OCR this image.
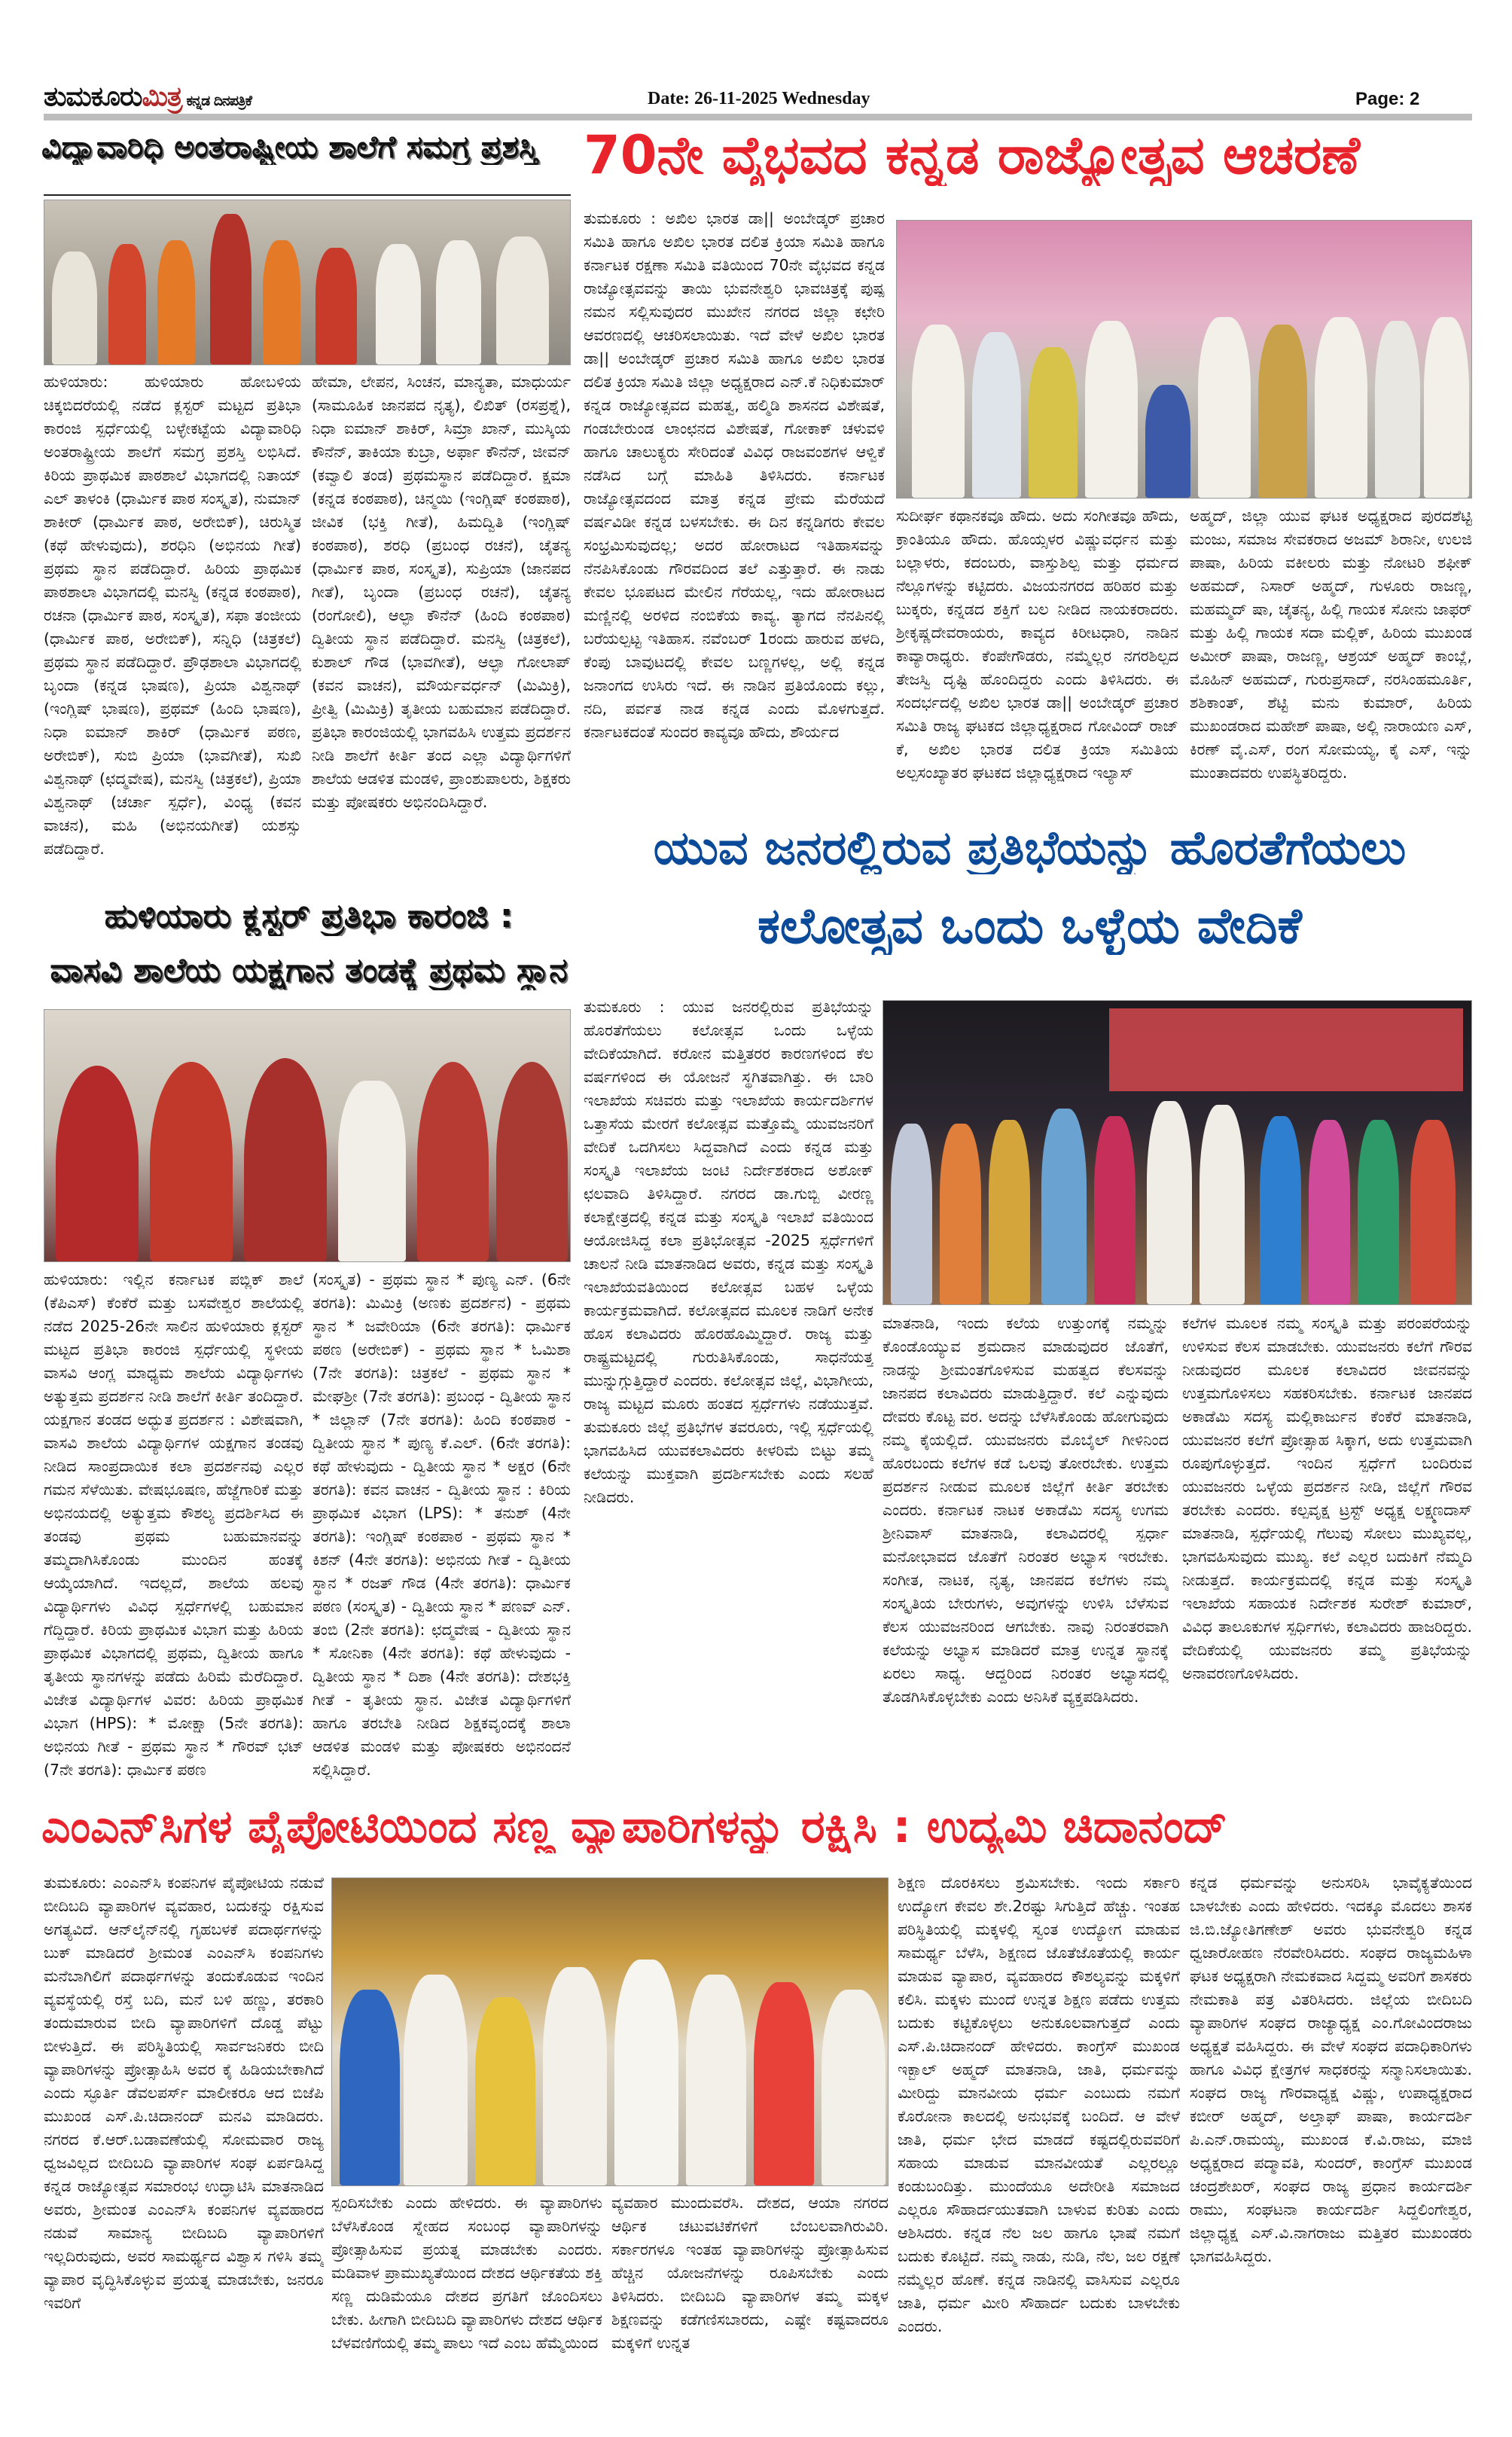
ತುಮಕೂರುಮಿತ್ರ ಕನ್ನಡ ದಿನಪತ್ರಿಕೆ	Date: 26-11-2025 Wednesday	Page: 2
ವಿದ್ಯಾವಾರಿಧಿ ಅಂತರಾಷ್ಟ್ರೀಯ ಶಾಲೆಗೆ ಸಮಗ್ರ ಪ್ರಶಸ್ತಿ
ಹುಳಿಯಾರು: ಹುಳಿಯಾರು ಹೋಬಳಿಯ ಚಿಕ್ಕಬಿದರೆಯಲ್ಲಿ ನಡೆದ ಕ್ಲಸ್ಟರ್ ಮಟ್ಟದ ಪ್ರತಿಭಾ ಕಾರಂಜಿ ಸ್ಪರ್ಧೆಯಲ್ಲಿ ಬಳ್ಳೇಕಟ್ಟೆಯ ವಿದ್ಯಾವಾರಿಧಿ ಅಂತರಾಷ್ಟ್ರೀಯ ಶಾಲೆಗೆ ಸಮಗ್ರ ಪ್ರಶಸ್ತಿ ಲಭಿಸಿದೆ. ಕಿರಿಯ ಪ್ರಾಥಮಿಕ ಪಾಠಶಾಲೆ ವಿಭಾಗದಲ್ಲಿ ನಿತಾಯ್ ಎಲ್ ತಾಳಂಕಿ (ಧಾರ್ಮಿಕ ಪಾಠ ಸಂಸ್ಕೃತ), ನುಮಾನ್ ಶಾಕೀರ್ (ಧಾರ್ಮಿಕ ಪಾಠ, ಅರೇಬಿಕ್), ಚಿರುಸ್ಮಿತ (ಕಥೆ ಹೇಳುವುದು), ಶರಧಿನಿ (ಅಭಿನಯ ಗೀತೆ) ಪ್ರಥಮ ಸ್ಥಾನ ಪಡೆದಿದ್ದಾರೆ. ಹಿರಿಯ ಪ್ರಾಥಮಿಕ ಪಾಠಶಾಲಾ ವಿಭಾಗದಲ್ಲಿ ಮನಸ್ವಿ (ಕನ್ನಡ ಕಂಠಪಾಠ), ರಚನಾ (ಧಾರ್ಮಿಕ ಪಾಠ, ಸಂಸ್ಕೃತ), ಸಫಾ ತಂಜೀಯ (ಧಾರ್ಮಿಕ ಪಾಠ, ಅರೇಬಿಕ್), ಸನ್ನಿಧಿ (ಚಿತ್ರಕಲೆ) ಪ್ರಥಮ ಸ್ಥಾನ ಪಡೆದಿದ್ದಾರೆ. ಪ್ರೌಢಶಾಲಾ ವಿಭಾಗದಲ್ಲಿ ಬೃಂದಾ (ಕನ್ನಡ ಭಾಷಣ), ಪ್ರಿಯಾ ವಿಶ್ವನಾಥ್ (ಇಂಗ್ಲಿಷ್ ಭಾಷಣ), ಪ್ರಥಮ್ (ಹಿಂದಿ ಭಾಷಣ), ನಿಧಾ ಐಮಾನ್ ಶಾಕಿರ್ (ಧಾರ್ಮಿಕ ಪಠಣ, ಅರೇಬಿಕ್), ಸುಬಿ ಪ್ರಿಯಾ (ಭಾವಗೀತೆ), ಸುಖಿ ವಿಶ್ವನಾಥ್ (ಛದ್ಮವೇಷ), ಮನಸ್ವಿ (ಚಿತ್ರಕಲೆ), ಪ್ರಿಯಾ ವಿಶ್ವನಾಥ್ (ಚರ್ಚಾ ಸ್ಪರ್ಧೆ), ವಿಂಧ್ಯ (ಕವನ ವಾಚನ), ಮಹಿ (ಅಭಿನಯಗೀತೆ) ಯಶಸ್ಸು ಪಡೆದಿದ್ದಾರೆ.
ಹೇಮಾ, ಲೇಪನ, ಸಿಂಚನ, ಮಾನ್ಯತಾ, ಮಾಧುರ್ಯ (ಸಾಮೂಹಿಕ ಜಾನಪದ ನೃತ್ಯ), ಲಿಖಿತ್ (ರಸಪ್ರಶ್ನೆ), ನಿಧಾ ಐಮಾನ್ ಶಾಕಿರ್, ಸಿಮ್ರಾ ಖಾನ್, ಮುಸ್ಕಿಯ ಕೌನೆನ್, ತಾಕಿಯಾ ಕುಬ್ರಾ, ಅರ್ಫಾ ಕೌನೆನ್, ಜೀವನ್ (ಕವ್ವಾಲಿ ತಂಡ) ಪ್ರಥಮಸ್ಥಾನ ಪಡೆದಿದ್ದಾರೆ. ಕ್ಷಮಾ (ಕನ್ನಡ ಕಂಠಪಾಠ), ಚಿನ್ಮಯಿ (ಇಂಗ್ಲಿಷ್ ಕಂಠಪಾಠ), ಜೀವಿಕ (ಭಕ್ತಿ ಗೀತೆ), ಹಿಮದ್ವಿತಿ (ಇಂಗ್ಲಿಷ್ ಕಂಠಪಾಠ), ಶರಧಿ (ಪ್ರಬಂಧ ರಚನೆ), ಚೈತನ್ಯ (ಧಾರ್ಮಿಕ ಪಾಠ, ಸಂಸ್ಕೃತ), ಸುಪ್ರಿಯಾ (ಜಾನಪದ ಗೀತೆ), ಬೃಂದಾ (ಪ್ರಬಂಧ ರಚನೆ), ಚೈತನ್ಯ (ರಂಗೋಲಿ), ಆಲ್ಫಾ ಕೌನೆನ್ (ಹಿಂದಿ ಕಂಠಪಾಠ) ದ್ವಿತೀಯ ಸ್ಥಾನ ಪಡೆದಿದ್ದಾರೆ. ಮನಸ್ವಿ (ಚಿತ್ರಕಲೆ), ಕುಶಾಲ್ ಗೌಡ (ಭಾವಗೀತೆ), ಆಲ್ಫಾ ಗೋಲಾಪ್ (ಕವನ ವಾಚನ), ಮೌರ್ಯವರ್ಧನ್ (ಮಿಮಿಕ್ರಿ), ಪ್ರೀತ್ವಿ (ಮಿಮಿಕ್ರಿ) ತೃತೀಯ ಬಹುಮಾನ ಪಡೆದಿದ್ದಾರೆ. ಪ್ರತಿಭಾ ಕಾರಂಜಿಯಲ್ಲಿ ಭಾಗವಹಿಸಿ ಉತ್ತಮ ಪ್ರದರ್ಶನ ನೀಡಿ ಶಾಲೆಗೆ ಕೀರ್ತಿ ತಂದ ಎಲ್ಲಾ ವಿದ್ಯಾರ್ಥಿಗಳಿಗೆ ಶಾಲೆಯ ಆಡಳಿತ ಮಂಡಳಿ, ಪ್ರಾಂಶುಪಾಲರು, ಶಿಕ್ಷಕರು ಮತ್ತು ಪೋಷಕರು ಅಭಿನಂದಿಸಿದ್ದಾರೆ.
70ನೇ ವೈಭವದ ಕನ್ನಡ ರಾಜ್ಯೋತ್ಸವ ಆಚರಣೆ
ತುಮಕೂರು : ಅಖಿಲ ಭಾರತ ಡಾ|| ಅಂಬೇಡ್ಕರ್ ಪ್ರಚಾರ ಸಮಿತಿ ಹಾಗೂ ಅಖಿಲ ಭಾರತ ದಲಿತ ಕ್ರಿಯಾ ಸಮಿತಿ ಹಾಗೂ ಕರ್ನಾಟಕ ರಕ್ಷಣಾ ಸಮಿತಿ ವತಿಯಿಂದ 70ನೇ ವೈಭವದ ಕನ್ನಡ ರಾಜ್ಯೋತ್ಸವವನ್ನು ತಾಯಿ ಭುವನೇಶ್ವರಿ ಭಾವಚಿತ್ರಕ್ಕೆ ಪುಷ್ಪ ನಮನ ಸಲ್ಲಿಸುವುದರ ಮುಖೇನ ನಗರದ ಜಿಲ್ಲಾ ಕಛೇರಿ ಆವರಣದಲ್ಲಿ ಆಚರಿಸಲಾಯಿತು. ಇದೆ ವೇಳೆ ಅಖಿಲ ಭಾರತ ಡಾ|| ಅಂಬೇಡ್ಕರ್ ಪ್ರಚಾರ ಸಮಿತಿ ಹಾಗೂ ಅಖಿಲ ಭಾರತ ದಲಿತ ಕ್ರಿಯಾ ಸಮಿತಿ ಜಿಲ್ಲಾ ಅಧ್ಯಕ್ಷರಾದ ಎನ್.ಕೆ ನಿಧಿಕುಮಾರ್ ಕನ್ನಡ ರಾಜ್ಯೋತ್ಸವದ ಮಹತ್ವ, ಹಲ್ಮಿಡಿ ಶಾಸನದ ವಿಶೇಷತೆ, ಗಂಡಬೇರುಂಡ ಲಾಂಛನದ ವಿಶೇಷತೆ, ಗೋಕಾಕ್ ಚಳುವಳಿ ಹಾಗೂ ಚಾಲುಕ್ಯರು ಸೇರಿದಂತೆ ವಿವಿಧ ರಾಜವಂಶಗಳ ಆಳ್ವಿಕೆ ನಡೆಸಿದ ಬಗ್ಗೆ ಮಾಹಿತಿ ತಿಳಿಸಿದರು. ಕರ್ನಾಟಕ ರಾಜ್ಯೋತ್ಸವದಂದ ಮಾತ್ರ ಕನ್ನಡ ಪ್ರೇಮ ಮೆರೆಯದೆ ವರ್ಷವಿಡೀ ಕನ್ನಡ ಬಳಸಬೇಕು. ಈ ದಿನ ಕನ್ನಡಿಗರು ಕೇವಲ ಸಂಭ್ರಮಿಸುವುದಲ್ಲ; ಅದರ ಹೋರಾಟದ ಇತಿಹಾಸವನ್ನು ನೆನಪಿಸಿಕೊಂಡು ಗೌರವದಿಂದ ತಲೆ ಎತ್ತುತ್ತಾರೆ. ಈ ನಾಡು ಕೇವಲ ಭೂಪಟದ ಮೇಲಿನ ಗೆರೆಯಲ್ಲ, ಇದು ಹೋರಾಟದ ಮಣ್ಣಿನಲ್ಲಿ ಅರಳಿದ ನಂಬಿಕೆಯ ಕಾವ್ಯ. ತ್ಯಾಗದ ನೆನಪಿನಲ್ಲಿ ಬರೆಯಲ್ಪಟ್ಟ ಇತಿಹಾಸ. ನವೆಂಬರ್ 1ರಂದು ಹಾರುವ ಹಳದಿ, ಕೆಂಪು ಬಾವುಟದಲ್ಲಿ ಕೇವಲ ಬಣ್ಣಗಳಲ್ಲ, ಅಲ್ಲಿ ಕನ್ನಡ ಜನಾಂಗದ ಉಸಿರು ಇದೆ. ಈ ನಾಡಿನ ಪ್ರತಿಯೊಂದು ಕಲ್ಲು, ನದಿ, ಪರ್ವತ ನಾಡ ಕನ್ನಡ ಎಂದು ಮೊಳಗುತ್ತದೆ. ಕರ್ನಾಟಕದಂತೆ ಸುಂದರ ಕಾವ್ಯವೂ ಹೌದು, ಶೌರ್ಯದ
ಸುದೀರ್ಘ ಕಥಾನಕವೂ ಹೌದು. ಅದು ಸಂಗೀತವೂ ಹೌದು, ಕ್ರಾಂತಿಯೂ ಹೌದು. ಹೊಯ್ಸಳರ ವಿಷ್ಣುವರ್ಧನ ಮತ್ತು ಬಲ್ಲಾಳರು, ಕದಂಬರು, ವಾಸ್ತುಶಿಲ್ಪ ಮತ್ತು ಧರ್ಮದ ನೆಲ್ಲೂಗಳನ್ನು ಕಟ್ಟಿದರು. ವಿಜಯನಗರದ ಹರಿಹರ ಮತ್ತು ಬುಕ್ಕರು, ಕನ್ನಡದ ಶಕ್ತಿಗೆ ಬಲ ನೀಡಿದ ನಾಯಕರಾದರು. ಶ್ರೀಕೃಷ್ಣದೇವರಾಯರು, ಕಾವ್ಯದ ಕಿರೀಟಧಾರಿ, ನಾಡಿನ ಕಾವ್ಯಾರಾಧ್ಯರು. ಕೆಂಪೇಗೌಡರು, ನಮ್ಮೆಲ್ಲರ ನಗರಶಿಲ್ಪದ ತೇಜಸ್ವಿ ದೃಷ್ಟಿ ಹೊಂದಿದ್ದರು ಎಂದು ತಿಳಿಸಿದರು. ಈ ಸಂದರ್ಭದಲ್ಲಿ ಅಖಿಲ ಭಾರತ ಡಾ|| ಅಂಬೇಡ್ಕರ್ ಪ್ರಚಾರ ಸಮಿತಿ ರಾಜ್ಯ ಘಟಕದ ಜಿಲ್ಲಾಧ್ಯಕ್ಷರಾದ ಗೋವಿಂದ್ ರಾಜ್ ಕೆ, ಅಖಿಲ ಭಾರತ ದಲಿತ ಕ್ರಿಯಾ ಸಮಿತಿಯ ಅಲ್ಪಸಂಖ್ಯಾತರ ಘಟಕದ ಜಿಲ್ಲಾಧ್ಯಕ್ಷರಾದ ಇಲ್ಯಾಸ್
ಅಹ್ಮದ್, ಜಿಲ್ಲಾ ಯುವ ಘಟಕ ಅಧ್ಯಕ್ಷರಾದ ಪುರದಶೆಟ್ಟಿ ಮಂಜು, ಸಮಾಜ ಸೇವಕರಾದ ಅಜಮ್ ಶಿರಾನೀ, ಉಲಜಿ ಪಾಷಾ, ಹಿರಿಯ ವಕೀಲರು ಮತ್ತು ನೋಟರಿ ಶಫೀಕ್ ಅಹಮದ್, ನಿಸಾರ್ ಅಹ್ಮದ್, ಗುಳೂರು ರಾಜಣ್ಣ, ಮಹಮ್ಮದ್ ಷಾ, ಚೈತನ್ಯ, ಹಿಲ್ಲಿ ಗಾಯಕ ಸೋನು ಜಾಫರ್ ಮತ್ತು ಹಿಲ್ಲಿ ಗಾಯಕ ಸದಾ ಮಲ್ಲಿಕ್, ಹಿರಿಯ ಮುಖಂಡ ಅಮೀರ್ ಪಾಷಾ, ರಾಜಣ್ಣ, ಆಶ್ರಯ್ ಅಹ್ಮದ್ ಕಾಂಬ್ಲೆ, ಮೊಹಿನ್ ಅಹಮದ್, ಗುರುಪ್ರಸಾದ್, ನರಸಿಂಹಮೂರ್ತಿ, ಶಶಿಕಾಂತ್, ಶೆಟ್ಟಿ ಮನು ಕುಮಾರ್, ಹಿರಿಯ ಮುಖಂಡರಾದ ಮಹೇಶ್ ಪಾಷಾ, ಅಲ್ಲಿ ನಾರಾಯಣ ಎಸ್, ಕಿರಣ್ ವೈ.ಎಸ್, ರಂಗ ಸೋಮಯ್ಯ, ಕೈ ಎಸ್, ಇನ್ನು ಮುಂತಾದವರು ಉಪಸ್ಥಿತರಿದ್ದರು.
ಯುವ ಜನರಲ್ಲಿರುವ ಪ್ರತಿಭೆಯನ್ನು ಹೊರತೆಗೆಯಲು
ಕಲೋತ್ಸವ ಒಂದು ಒಳ್ಳೆಯ ವೇದಿಕೆ
ತುಮಕೂರು : ಯುವ ಜನರಲ್ಲಿರುವ ಪ್ರತಿಭೆಯನ್ನು ಹೊರತೆಗೆಯಲು ಕಲೋತ್ಸವ ಒಂದು ಒಳ್ಳೆಯ ವೇದಿಕೆಯಾಗಿದೆ. ಕರೋನ ಮತ್ತಿತರರ ಕಾರಣಗಳಿಂದ ಕೆಲ ವರ್ಷಗಳಿಂದ ಈ ಯೋಜನೆ ಸ್ಥಗಿತವಾಗಿತ್ತು. ಈ ಬಾರಿ ಇಲಾಖೆಯ ಸಚಿವರು ಮತ್ತು ಇಲಾಖೆಯ ಕಾರ್ಯದರ್ಶಿಗಳ ಒತ್ತಾಸೆಯ ಮೇರಗೆ ಕಲೋತ್ಸವ ಮತ್ತೊಮ್ಮೆ ಯುವಜನರಿಗೆ ವೇದಿಕೆ ಒದಗಿಸಲು ಸಿದ್ದವಾಗಿದೆ ಎಂದು ಕನ್ನಡ ಮತ್ತು ಸಂಸ್ಕೃತಿ ಇಲಾಖೆಯ ಜಂಟಿ ನಿರ್ದೇಶಕರಾದ ಅಶೋಕ್ ಛಲವಾದಿ ತಿಳಿಸಿದ್ದಾರೆ. ನಗರದ ಡಾ.ಗುಬ್ಬಿ ವೀರಣ್ಣ ಕಲಾಕ್ಷೇತ್ರದಲ್ಲಿ ಕನ್ನಡ ಮತ್ತು ಸಂಸ್ಕೃತಿ ಇಲಾಖೆ ವತಿಯಿಂದ ಆಯೋಜಿಸಿದ್ದ ಕಲಾ ಪ್ರತಿಭೋತ್ಸವ -2025 ಸ್ಪರ್ಧೆಗಳಿಗೆ ಚಾಲನೆ ನೀಡಿ ಮಾತನಾಡಿದ ಅವರು, ಕನ್ನಡ ಮತ್ತು ಸಂಸ್ಕೃತಿ ಇಲಾಖೆಯವತಿಯಿಂದ ಕಲೋತ್ಸವ ಬಹಳ ಒಳ್ಳೆಯ ಕಾರ್ಯಕ್ರಮವಾಗಿದೆ. ಕಲೋತ್ಸವದ ಮೂಲಕ ನಾಡಿಗೆ ಅನೇಕ ಹೊಸ ಕಲಾವಿದರು ಹೊರಹೊಮ್ಮಿದ್ದಾರೆ. ರಾಜ್ಯ ಮತ್ತು ರಾಷ್ಟ್ರಮಟ್ಟದಲ್ಲಿ ಗುರುತಿಸಿಕೊಂಡು, ಸಾಧನೆಯತ್ತ ಮುನ್ನುಗ್ಗುತ್ತಿದ್ದಾರೆ ಎಂದರು. ಕಲೋತ್ಸವ ಜಿಲ್ಲೆ, ವಿಭಾಗೀಯ, ರಾಜ್ಯ ಮಟ್ಟದ ಮೂರು ಹಂತದ ಸ್ಪರ್ಧೆಗಳು ನಡೆಯುತ್ತವೆ. ತುಮಕೂರು ಜಿಲ್ಲೆ ಪ್ರತಿಭೆಗಳ ತವರೂರು, ಇಲ್ಲಿ ಸ್ಪರ್ಧೆಯಲ್ಲಿ ಭಾಗವಹಿಸಿದ ಯುವಕಲಾವಿದರು ಕೀಳರಿಮೆ ಬಿಟ್ಟು ತಮ್ಮ ಕಲೆಯನ್ನು ಮುಕ್ತವಾಗಿ ಪ್ರದರ್ಶಿಸಬೇಕು ಎಂದು ಸಲಹೆ ನೀಡಿದರು.
ಮಾತನಾಡಿ, ಇಂದು ಕಲೆಯ ಉತ್ತುಂಗಕ್ಕೆ ನಮ್ಮನ್ನು ಕೊಂಡೊಯ್ಯುವ ಶ್ರಮದಾನ ಮಾಡುವುದರ ಜೊತೆಗೆ, ನಾಡನ್ನು ಶ್ರೀಮಂತಗೊಳಿಸುವ ಮಹತ್ವದ ಕೆಲಸವನ್ನು ಜಾನಪದ ಕಲಾವಿದರು ಮಾಡುತ್ತಿದ್ದಾರೆ. ಕಲೆ ಎನ್ನುವುದು ದೇವರು ಕೊಟ್ಟ ವರ. ಅದನ್ನು ಬೆಳೆಸಿಕೊಂಡು ಹೋಗುವುದು ನಮ್ಮ ಕೈಯಲ್ಲಿದೆ. ಯುವಜನರು ಮೊಬೈಲ್ ಗೀಳಿನಿಂದ ಹೊರಬಂದು ಕಲೆಗಳ ಕಡೆ ಒಲವು ತೋರಬೇಕು. ಉತ್ತಮ ಪ್ರದರ್ಶನ ನೀಡುವ ಮೂಲಕ ಜಿಲ್ಲೆಗೆ ಕೀರ್ತಿ ತರಬೇಕು ಎಂದರು. ಕರ್ನಾಟಕ ನಾಟಕ ಅಕಾಡೆಮಿ ಸದಸ್ಯ ಉಗಮ ಶ್ರೀನಿವಾಸ್ ಮಾತನಾಡಿ, ಕಲಾವಿದರಲ್ಲಿ ಸ್ಪರ್ಧಾ ಮನೋಭಾವದ ಜೊತೆಗೆ ನಿರಂತರ ಅಭ್ಯಾಸ ಇರಬೇಕು. ಸಂಗೀತ, ನಾಟಕ, ನೃತ್ಯ, ಜಾನಪದ ಕಲೆಗಳು ನಮ್ಮ ಸಂಸ್ಕೃತಿಯ ಬೇರುಗಳು, ಅವುಗಳನ್ನು ಉಳಿಸಿ ಬೆಳೆಸುವ ಕೆಲಸ ಯುವಜನರಿಂದ ಆಗಬೇಕು. ನಾವು ನಿರಂತರವಾಗಿ ಕಲೆಯನ್ನು ಅಭ್ಯಾಸ ಮಾಡಿದರೆ ಮಾತ್ರ ಉನ್ನತ ಸ್ಥಾನಕ್ಕೆ ಏರಲು ಸಾಧ್ಯ. ಆದ್ದರಿಂದ ನಿರಂತರ ಅಭ್ಯಾಸದಲ್ಲಿ ತೊಡಗಿಸಿಕೊಳ್ಳಬೇಕು ಎಂದು ಅನಿಸಿಕೆ ವ್ಯಕ್ತಪಡಿಸಿದರು.
ಕಲೆಗಳ ಮೂಲಕ ನಮ್ಮ ಸಂಸ್ಕೃತಿ ಮತ್ತು ಪರಂಪರೆಯನ್ನು ಉಳಿಸುವ ಕೆಲಸ ಮಾಡಬೇಕು. ಯುವಜನರು ಕಲೆಗೆ ಗೌರವ ನೀಡುವುದರ ಮೂಲಕ ಕಲಾವಿದರ ಜೀವನವನ್ನು ಉತ್ತಮಗೊಳಿಸಲು ಸಹಕರಿಸಬೇಕು. ಕರ್ನಾಟಕ ಜಾನಪದ ಅಕಾಡೆಮಿ ಸದಸ್ಯ ಮಲ್ಲಿಕಾರ್ಜುನ ಕೆಂಕೆರೆ ಮಾತನಾಡಿ, ಯುವಜನರ ಕಲೆಗೆ ಪ್ರೋತ್ಸಾಹ ಸಿಕ್ಕಾಗ, ಅದು ಉತ್ತಮವಾಗಿ ರೂಪುಗೊಳ್ಳುತ್ತದೆ. ಇಂದಿನ ಸ್ಪರ್ಧೆಗೆ ಬಂದಿರುವ ಯುವಜನರು ಒಳ್ಳೆಯ ಪ್ರದರ್ಶನ ನೀಡಿ, ಜಿಲ್ಲೆಗೆ ಗೌರವ ತರಬೇಕು ಎಂದರು. ಕಲ್ಪವೃಕ್ಷ ಟ್ರಸ್ಟ್ ಅಧ್ಯಕ್ಷ ಲಕ್ಷ್ಮಣದಾಸ್ ಮಾತನಾಡಿ, ಸ್ಪರ್ಧೆಯಲ್ಲಿ ಗೆಲುವು ಸೋಲು ಮುಖ್ಯವಲ್ಲ, ಭಾಗವಹಿಸುವುದು ಮುಖ್ಯ. ಕಲೆ ಎಲ್ಲರ ಬದುಕಿಗೆ ನೆಮ್ಮದಿ ನೀಡುತ್ತದೆ. ಕಾರ್ಯಕ್ರಮದಲ್ಲಿ ಕನ್ನಡ ಮತ್ತು ಸಂಸ್ಕೃತಿ ಇಲಾಖೆಯ ಸಹಾಯಕ ನಿರ್ದೇಶಕ ಸುರೇಶ್ ಕುಮಾರ್, ವಿವಿಧ ತಾಲೂಕುಗಳ ಸ್ಪರ್ಧಿಗಳು, ಕಲಾವಿದರು ಹಾಜರಿದ್ದರು. ವೇದಿಕೆಯಲ್ಲಿ ಯುವಜನರು ತಮ್ಮ ಪ್ರತಿಭೆಯನ್ನು ಅನಾವರಣಗೊಳಿಸಿದರು.
ಹುಳಿಯಾರು ಕ್ಲಸ್ಟರ್ ಪ್ರತಿಭಾ ಕಾರಂಜಿ :
ವಾಸವಿ ಶಾಲೆಯ ಯಕ್ಷಗಾನ ತಂಡಕ್ಕೆ ಪ್ರಥಮ ಸ್ಥಾನ
ಹುಳಿಯಾರು: ಇಲ್ಲಿನ ಕರ್ನಾಟಕ ಪಬ್ಲಿಕ್ ಶಾಲೆ (ಕೆಪಿಎಸ್) ಕೆಂಕೆರೆ ಮತ್ತು ಬಸವೇಶ್ವರ ಶಾಲೆಯಲ್ಲಿ ನಡೆದ 2025-26ನೇ ಸಾಲಿನ ಹುಳಿಯಾರು ಕ್ಲಸ್ಟರ್ ಮಟ್ಟದ ಪ್ರತಿಭಾ ಕಾರಂಜಿ ಸ್ಪರ್ಧೆಯಲ್ಲಿ ಸ್ಥಳೀಯ ವಾಸವಿ ಆಂಗ್ಲ ಮಾಧ್ಯಮ ಶಾಲೆಯ ವಿದ್ಯಾರ್ಥಿಗಳು ಅತ್ಯುತ್ತಮ ಪ್ರದರ್ಶನ ನೀಡಿ ಶಾಲೆಗೆ ಕೀರ್ತಿ ತಂದಿದ್ದಾರೆ. ಯಕ್ಷಗಾನ ತಂಡದ ಅದ್ಭುತ ಪ್ರದರ್ಶನ : ವಿಶೇಷವಾಗಿ, ವಾಸವಿ ಶಾಲೆಯ ವಿದ್ಯಾರ್ಥಿಗಳ ಯಕ್ಷಗಾನ ತಂಡವು ನೀಡಿದ ಸಾಂಪ್ರದಾಯಿಕ ಕಲಾ ಪ್ರದರ್ಶನವು ಎಲ್ಲರ ಗಮನ ಸೆಳೆಯಿತು. ವೇಷಭೂಷಣ, ಹೆಜ್ಜೆಗಾರಿಕೆ ಮತ್ತು ಅಭಿನಯದಲ್ಲಿ ಅತ್ಯುತ್ತಮ ಕೌಶಲ್ಯ ಪ್ರದರ್ಶಿಸಿದ ಈ ತಂಡವು ಪ್ರಥಮ ಬಹುಮಾನವನ್ನು ತಮ್ಮದಾಗಿಸಿಕೊಂಡು ಮುಂದಿನ ಹಂತಕ್ಕೆ ಆಯ್ಕೆಯಾಗಿದೆ. ಇದಲ್ಲದೆ, ಶಾಲೆಯ ಹಲವು ವಿದ್ಯಾರ್ಥಿಗಳು ವಿವಿಧ ಸ್ಪರ್ಧೆಗಳಲ್ಲಿ ಬಹುಮಾನ ಗೆದ್ದಿದ್ದಾರೆ. ಕಿರಿಯ ಪ್ರಾಥಮಿಕ ವಿಭಾಗ ಮತ್ತು ಹಿರಿಯ ಪ್ರಾಥಮಿಕ ವಿಭಾಗದಲ್ಲಿ ಪ್ರಥಮ, ದ್ವಿತೀಯ ಹಾಗೂ ತೃತೀಯ ಸ್ಥಾನಗಳನ್ನು ಪಡೆದು ಹಿರಿಮೆ ಮೆರೆದಿದ್ದಾರೆ. ವಿಜೇತ ವಿದ್ಯಾರ್ಥಿಗಳ ವಿವರ: ಹಿರಿಯ ಪ್ರಾಥಮಿಕ ವಿಭಾಗ (HPS): * ಮೋಕ್ಷಾ (5ನೇ ತರಗತಿ): ಅಭಿನಯ ಗೀತೆ - ಪ್ರಥಮ ಸ್ಥಾನ * ಗೌರವ್ ಭಟ್ (7ನೇ ತರಗತಿ): ಧಾರ್ಮಿಕ ಪಠಣ
(ಸಂಸ್ಕೃತ) - ಪ್ರಥಮ ಸ್ಥಾನ * ಪುಣ್ಯ ಎನ್. (6ನೇ ತರಗತಿ): ಮಿಮಿಕ್ರಿ (ಅಣಕು ಪ್ರದರ್ಶನ) - ಪ್ರಥಮ ಸ್ಥಾನ * ಜವೇರಿಯಾ (6ನೇ ತರಗತಿ): ಧಾರ್ಮಿಕ ಪಠಣ (ಅರೇಬಿಕ್) - ಪ್ರಥಮ ಸ್ಥಾನ * ಓಮಿಶಾ (7ನೇ ತರಗತಿ): ಚಿತ್ರಕಲೆ - ಪ್ರಥಮ ಸ್ಥಾನ * ಮೇಘಶ್ರೀ (7ನೇ ತರಗತಿ): ಪ್ರಬಂಧ - ದ್ವಿತೀಯ ಸ್ಥಾನ * ಜಿಲ್ಲಾನ್ (7ನೇ ತರಗತಿ): ಹಿಂದಿ ಕಂಠಪಾಠ - ದ್ವಿತೀಯ ಸ್ಥಾನ * ಪುಣ್ಯ ಕೆ.ಎಲ್. (6ನೇ ತರಗತಿ): ಕಥೆ ಹೇಳುವುದು - ದ್ವಿತೀಯ ಸ್ಥಾನ * ಅಕ್ಷರ (6ನೇ ತರಗತಿ): ಕವನ ವಾಚನ - ದ್ವಿತೀಯ ಸ್ಥಾನ : ಕಿರಿಯ ಪ್ರಾಥಮಿಕ ವಿಭಾಗ (LPS): * ತನುಶ್ (4ನೇ ತರಗತಿ): ಇಂಗ್ಲಿಷ್ ಕಂಠಪಾಠ - ಪ್ರಥಮ ಸ್ಥಾನ * ಕಿಶನ್ (4ನೇ ತರಗತಿ): ಅಭಿನಯ ಗೀತೆ - ದ್ವಿತೀಯ ಸ್ಥಾನ * ರಜತ್ ಗೌಡ (4ನೇ ತರಗತಿ): ಧಾರ್ಮಿಕ ಪಠಣ (ಸಂಸ್ಕೃತ) - ದ್ವಿತೀಯ ಸ್ಥಾನ * ಪಣವ್ ಎನ್. ತಂಬಿ (2ನೇ ತರಗತಿ): ಛದ್ಮವೇಷ - ದ್ವಿತೀಯ ಸ್ಥಾನ * ಸೋನಿಕಾ (4ನೇ ತರಗತಿ): ಕಥೆ ಹೇಳುವುದು - ದ್ವಿತೀಯ ಸ್ಥಾನ * ದಿಶಾ (4ನೇ ತರಗತಿ): ದೇಶಭಕ್ತಿ ಗೀತೆ - ತೃತೀಯ ಸ್ಥಾನ. ವಿಜೇತ ವಿದ್ಯಾರ್ಥಿಗಳಿಗೆ ಹಾಗೂ ತರಬೇತಿ ನೀಡಿದ ಶಿಕ್ಷಕವೃಂದಕ್ಕೆ ಶಾಲಾ ಆಡಳಿತ ಮಂಡಳಿ ಮತ್ತು ಪೋಷಕರು ಅಭಿನಂದನೆ ಸಲ್ಲಿಸಿದ್ದಾರೆ.
ಎಂಎನ್‌ಸಿಗಳ ಪೈಪೋಟಿಯಿಂದ ಸಣ್ಣ ವ್ಯಾಪಾರಿಗಳನ್ನು ರಕ್ಷಿಸಿ : ಉದ್ಯಮಿ ಚಿದಾನಂದ್
ತುಮಕೂರು: ಎಂಎನ್‌ಸಿ ಕಂಪನಿಗಳ ಪೈಪೋಟಿಯ ನಡುವೆ ಬೀದಿಬದಿ ವ್ಯಾಪಾರಿಗಳ ವ್ಯವಹಾರ, ಬದುಕನ್ನು ರಕ್ಷಿಸುವ ಅಗತ್ಯವಿದೆ. ಆನ್‌ಲೈನ್‌ನಲ್ಲಿ ಗೃಹಬಳಕೆ ಪದಾರ್ಥಗಳನ್ನು ಬುಕ್ ಮಾಡಿದರೆ ಶ್ರೀಮಂತ ಎಂಎನ್‌ಸಿ ಕಂಪನಿಗಳು ಮನೆಬಾಗಿಲಿಗೆ ಪದಾರ್ಥಗಳನ್ನು ತಂದುಕೊಡುವ ಇಂದಿನ ವ್ಯವಸ್ಥೆಯಲ್ಲಿ ರಸ್ತೆ ಬದಿ, ಮನೆ ಬಳಿ ಹಣ್ಣು, ತರಕಾರಿ ತಂದುಮಾರುವ ಬೀದಿ ವ್ಯಾಪಾರಿಗಳಿಗೆ ದೊಡ್ಡ ಪೆಟ್ಟು ಬೀಳುತ್ತಿದೆ. ಈ ಪರಿಸ್ಥಿತಿಯಲ್ಲಿ ಸಾರ್ವಜನಿಕರು ಬೀದಿ ವ್ಯಾಪಾರಿಗಳನ್ನು ಪ್ರೋತ್ಸಾಹಿಸಿ ಅವರ ಕೈ ಹಿಡಿಯಬೇಕಾಗಿದೆ ಎಂದು ಸ್ಫೂರ್ತಿ ಡೆವಲಪರ್ಸ್ ಮಾಲೀಕರೂ ಆದ ಬಿಜೆಪಿ ಮುಖಂಡ ಎಸ್.ಪಿ.ಚಿದಾನಂದ್ ಮನವಿ ಮಾಡಿದರು. ನಗರದ ಕೆ.ಆರ್.ಬಡಾವಣೆಯಲ್ಲಿ ಸೋಮವಾರ ರಾಜ್ಯ ಧ್ವಜವಿಲ್ಲದ ಬೀದಿಬದಿ ವ್ಯಾಪಾರಿಗಳ ಸಂಘ ಏರ್ಪಡಿಸಿದ್ದ ಕನ್ನಡ ರಾಜ್ಯೋತ್ಸವ ಸಮಾರಂಭ ಉದ್ಘಾಟಿಸಿ ಮಾತನಾಡಿದ ಅವರು, ಶ್ರೀಮಂತ ಎಂಎನ್‌ಸಿ ಕಂಪನಿಗಳ ವ್ಯವಹಾರದ ನಡುವೆ ಸಾಮಾನ್ಯ ಬೀದಿಬದಿ ವ್ಯಾಪಾರಿಗಳಿಗೆ ಇಲ್ಲದಿರುವುದು, ಅವರ ಸಾಮರ್ಥ್ಯದ ವಿಶ್ವಾಸ ಗಳಿಸಿ ತಮ್ಮ ವ್ಯಾಪಾರ ವೃದ್ಧಿಸಿಕೊಳ್ಳುವ ಪ್ರಯತ್ನ ಮಾಡಬೇಕು, ಜನರೂ ಇವರಿಗೆ
ಸ್ಪಂದಿಸಬೇಕು ಎಂದು ಹೇಳಿದರು. ಈ ವ್ಯಾಪಾರಿಗಳು ಬೆಳೆಸಿಕೊಂಡ ಸ್ನೇಹದ ಸಂಬಂಧ ವ್ಯಾಪಾರಿಗಳನ್ನು ಪ್ರೋತ್ಸಾಹಿಸುವ ಪ್ರಯತ್ನ ಮಾಡಬೇಕು ಎಂದರು. ಮಡಿವಾಳ ಪ್ರಾಮುಖ್ಯತೆಯಿಂದ ದೇಶದ ಆರ್ಥಿಕತೆಯ ಶಕ್ತಿ ಸಣ್ಣ ದುಡಿಮೆಯೂ ದೇಶದ ಪ್ರಗತಿಗೆ ಜೊಂದಿಸಲು ಬೇಕು. ಹೀಗಾಗಿ ಬೀದಿಬದಿ ವ್ಯಾಪಾರಿಗಳು ದೇಶದ ಆರ್ಥಿಕ ಬೆಳವಣಿಗೆಯಲ್ಲಿ ತಮ್ಮ ಪಾಲು ಇದೆ ಎಂಬ ಹೆಮ್ಮೆಯಿಂದ
ವ್ಯವಹಾರ ಮುಂದುವರೆಸಿ. ದೇಶದ, ಆಯಾ ನಗರದ ಆರ್ಥಿಕ ಚಟುವಟಿಕೆಗಳಿಗೆ ಬೆಂಬಲವಾಗಿರುವಿರಿ. ಸರ್ಕಾರಗಳೂ ಇಂತಹ ವ್ಯಾಪಾರಿಗಳನ್ನು ಪ್ರೋತ್ಸಾಹಿಸುವ ಹೆಚ್ಚಿನ ಯೋಜನೆಗಳನ್ನು ರೂಪಿಸಬೇಕು ಎಂದು ತಿಳಿಸಿದರು. ಬೀದಿಬದಿ ವ್ಯಾಪಾರಿಗಳ ತಮ್ಮ ಮಕ್ಕಳ ಶಿಕ್ಷಣವನ್ನು ಕಡೆಗಣಿಸಬಾರದು, ಎಷ್ಟೇ ಕಷ್ಟವಾದರೂ ಮಕ್ಕಳಿಗೆ ಉನ್ನತ
ಶಿಕ್ಷಣ ದೊರಕಿಸಲು ಶ್ರಮಿಸಬೇಕು. ಇಂದು ಸರ್ಕಾರಿ ಉದ್ಯೋಗ ಕೇವಲ ಶೇ.2ರಷ್ಟು ಸಿಗುತ್ತಿದೆ ಹೆಚ್ಚು. ಇಂತಹ ಪರಿಸ್ಥಿತಿಯಲ್ಲಿ ಮಕ್ಕಳಲ್ಲಿ ಸ್ವಂತ ಉದ್ಯೋಗ ಮಾಡುವ ಸಾಮರ್ಥ್ಯ ಬೆಳೆಸಿ, ಶಿಕ್ಷಣದ ಜೊತೆಜೊತೆಯಲ್ಲಿ ಕಾರ್ಯ ಮಾಡುವ ವ್ಯಾಪಾರ, ವ್ಯವಹಾರದ ಕೌಶಲ್ಯವನ್ನು ಮಕ್ಕಳಿಗೆ ಕಲಿಸಿ. ಮಕ್ಕಳು ಮುಂದೆ ಉನ್ನತ ಶಿಕ್ಷಣ ಪಡೆದು ಉತ್ತಮ ಬದುಕು ಕಟ್ಟಿಕೊಳ್ಳಲು ಅನುಕೂಲವಾಗುತ್ತದೆ ಎಂದು ಎಸ್.ಪಿ.ಚಿದಾನಂದ್ ಹೇಳಿದರು. ಕಾಂಗ್ರೆಸ್ ಮುಖಂಡ ಇಕ್ಬಾಲ್ ಅಹ್ಮದ್ ಮಾತನಾಡಿ, ಜಾತಿ, ಧರ್ಮವನ್ನು ಮೀರಿದ್ದು ಮಾನವೀಯ ಧರ್ಮ ಎಂಬುದು ನಮಗೆ ಕೊರೋನಾ ಕಾಲದಲ್ಲಿ ಅನುಭವಕ್ಕೆ ಬಂದಿದೆ. ಆ ವೇಳೆ ಜಾತಿ, ಧರ್ಮ ಭೇದ ಮಾಡದೆ ಕಷ್ಟದಲ್ಲಿರುವವರಿಗೆ ಸಹಾಯ ಮಾಡುವ ಮಾನವೀಯತೆ ಎಲ್ಲರಲ್ಲೂ ಕಂಡುಬಂದಿತ್ತು. ಮುಂದೆಯೂ ಅದೇರೀತಿ ಸಮಾಜದ ಎಲ್ಲರೂ ಸೌಹಾರ್ದಯುತವಾಗಿ ಬಾಳುವ ಕುರಿತು ಎಂದು ಆಶಿಸಿದರು. ಕನ್ನಡ ನೆಲ ಜಲ ಹಾಗೂ ಭಾಷೆ ನಮಗೆ ಬದುಕು ಕೊಟ್ಟಿದೆ. ನಮ್ಮ ನಾಡು, ನುಡಿ, ನೆಲ, ಜಲ ರಕ್ಷಣೆ ನಮ್ಮೆಲ್ಲರ ಹೊಣೆ. ಕನ್ನಡ ನಾಡಿನಲ್ಲಿ ವಾಸಿಸುವ ಎಲ್ಲರೂ ಜಾತಿ, ಧರ್ಮ ಮೀರಿ ಸೌಹಾರ್ದ ಬದುಕು ಬಾಳಬೇಕು ಎಂದರು.
ಕನ್ನಡ ಧರ್ಮವನ್ನು ಅನುಸರಿಸಿ ಭಾವೈಕ್ಯತೆಯಿಂದ ಬಾಳಬೇಕು ಎಂದು ಹೇಳಿದರು. ಇದಕ್ಕೂ ಮೊದಲು ಶಾಸಕ ಜಿ.ಬಿ.ಜ್ಯೋತಿಗಣೇಶ್ ಅವರು ಭುವನೇಶ್ವರಿ ಕನ್ನಡ ಧ್ವಜಾರೋಹಣ ನೆರವೇರಿಸಿದರು. ಸಂಘದ ರಾಜ್ಯಮಹಿಳಾ ಘಟಕ ಅಧ್ಯಕ್ಷರಾಗಿ ನೇಮಕವಾದ ಸಿದ್ದಮ್ಮ ಅವರಿಗೆ ಶಾಸಕರು ನೇಮಕಾತಿ ಪತ್ರ ವಿತರಿಸಿದರು. ಜಿಲ್ಲೆಯ ಬೀದಿಬದಿ ವ್ಯಾಪಾರಿಗಳ ಸಂಘದ ರಾಜ್ಯಾಧ್ಯಕ್ಷ ಎಂ.ಗೋವಿಂದರಾಜು ಅಧ್ಯಕ್ಷತೆ ವಹಿಸಿದ್ದರು. ಈ ವೇಳೆ ಸಂಘದ ಪದಾಧಿಕಾರಿಗಳು ಹಾಗೂ ವಿವಿಧ ಕ್ಷೇತ್ರಗಳ ಸಾಧಕರನ್ನು ಸನ್ಮಾನಿಸಲಾಯಿತು. ಸಂಘದ ರಾಜ್ಯ ಗೌರವಾಧ್ಯಕ್ಷ ವಿಷ್ಣು, ಉಪಾಧ್ಯಕ್ಷರಾದ ಕಬೀರ್ ಅಹ್ಮದ್, ಅಲ್ತಾಫ್ ಪಾಷಾ, ಕಾರ್ಯದರ್ಶಿ ಪಿ.ಎನ್.ರಾಮಯ್ಯ, ಮುಖಂಡ ಕೆ.ವಿ.ರಾಜು, ಮಾಜಿ ಅಧ್ಯಕ್ಷರಾದ ಪದ್ಮಾವತಿ, ಸುಂದರ್, ಕಾಂಗ್ರೆಸ್ ಮುಖಂಡ ಚಂದ್ರಶೇಖರ್, ಸಂಘದ ರಾಜ್ಯ ಪ್ರಧಾನ ಕಾರ್ಯದರ್ಶಿ ರಾಮು, ಸಂಘಟನಾ ಕಾರ್ಯದರ್ಶಿ ಸಿದ್ದಲಿಂಗೇಶ್ವರ, ಜಿಲ್ಲಾಧ್ಯಕ್ಷ ಎಸ್.ವಿ.ನಾಗರಾಜು ಮತ್ತಿತರ ಮುಖಂಡರು ಭಾಗವಹಿಸಿದ್ದರು.
